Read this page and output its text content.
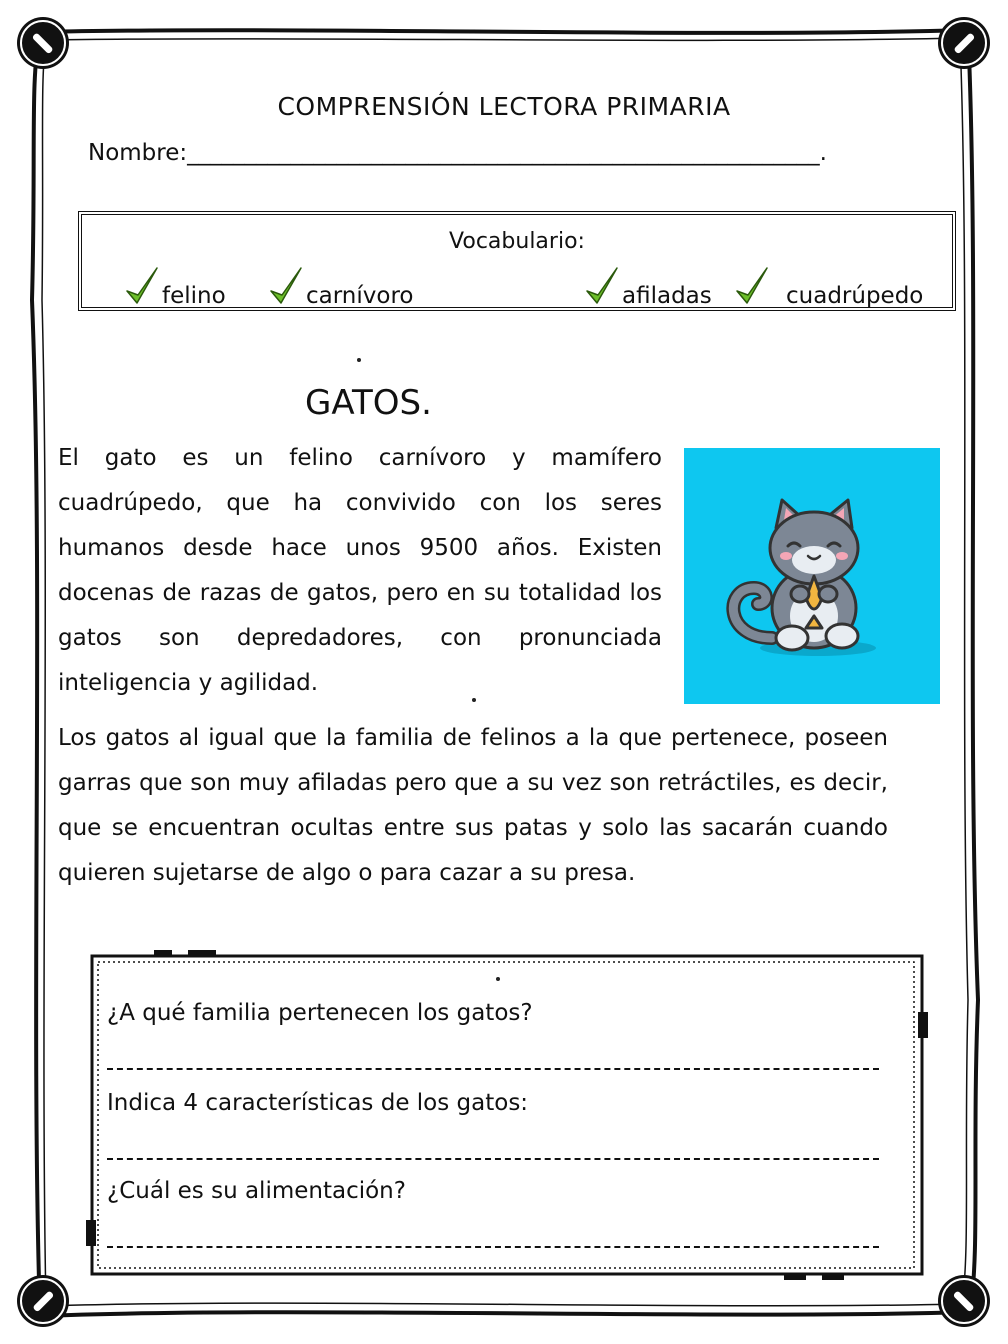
COMPRENSIÓN LECTORA PRIMARIA
Nombre:_______________________________________________________.
Vocabulario:
felino	carnívoro	afiladas	cuadrúpedo
GATOS.
El gato es un felino carnívoro y mamífero cuadrúpedo, que ha convivido con los seres humanos desde hace unos 9500 años. Existen docenas de razas de gatos, pero en su totalidad los gatos son depredadores, con pronunciada inteligencia y agilidad.
Los gatos al igual que la familia de felinos a la que pertenece, poseen garras que son muy afiladas pero que a su vez son retráctiles, es decir, que se encuentran ocultas entre sus patas y solo las sacarán cuando quieren sujetarse de algo o para cazar a su presa.
¿A qué familia pertenecen los gatos?
Indica 4 características de los gatos:
¿Cuál es su alimentación?
